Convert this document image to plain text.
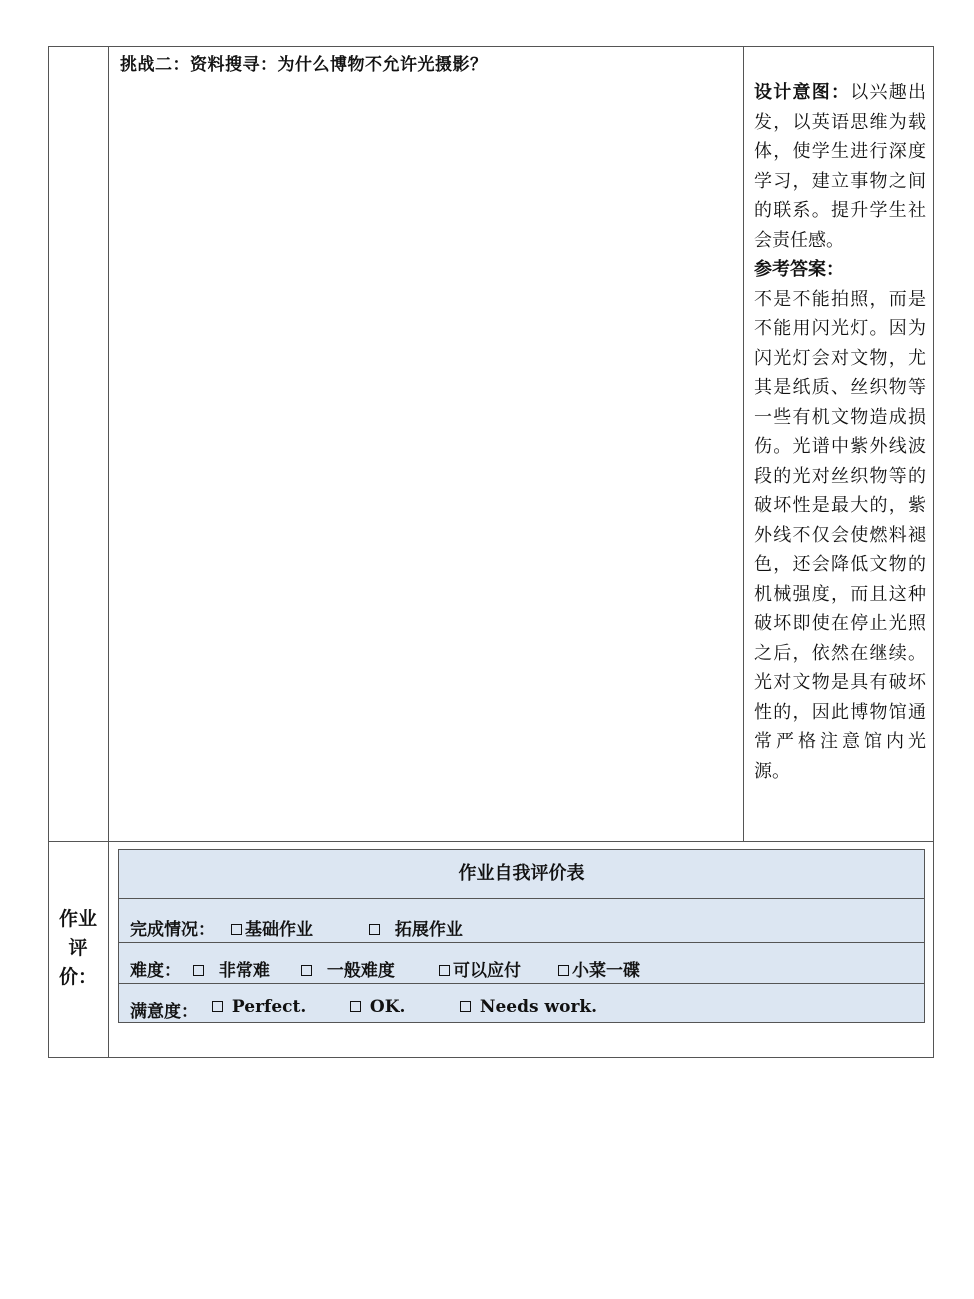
挑战二：资料搜寻：为什么博物不允许光摄影？

设计意图：以兴趣出发，以英语思维为载体，使学生进行深度学习，建立事物之间的联系。提升学生社会责任感。

参考答案：

不是不能拍照，而是不能用闪光灯。因为闪光灯会对文物，尤其是纸质、丝织物等一些有机文物造成损伤。光谱中紫外线波段的光对丝织物等的破坏性是最大的，紫外线不仅会使燃料褪色，还会降低文物的机械强度，而且这种破坏即使在停止光照之后，依然在继续。光对文物是具有破坏性的，因此博物馆通常严格注意馆内光源。

作业评价：
作业自我评价表
完成情况：	基础作业	拓展作业
难度：	非常难	一般难度	可以应付	小菜一碟
满意度：	Perfect.	OK.	Needs work.
